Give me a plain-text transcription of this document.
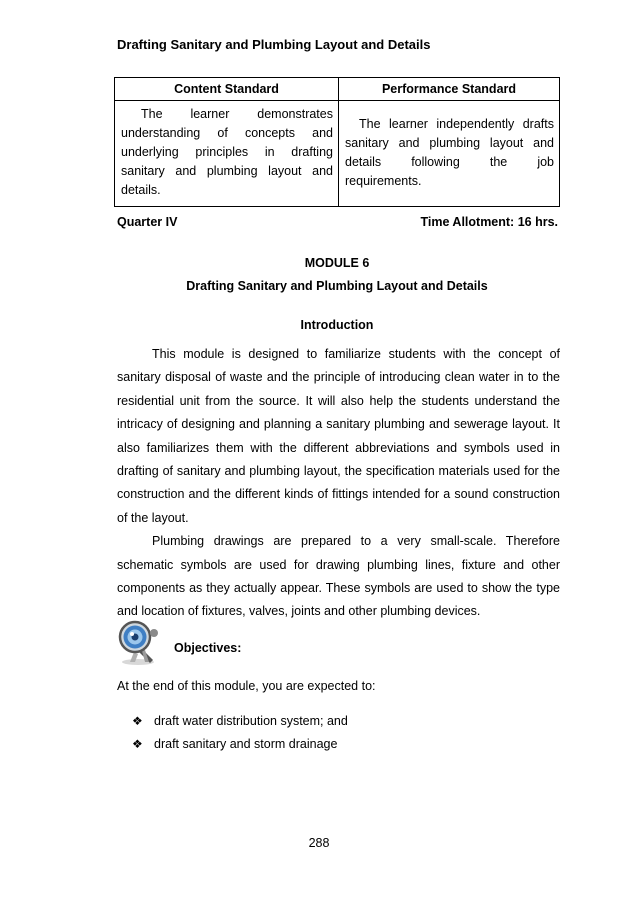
Drafting Sanitary and Plumbing Layout and Details
Content Standard	Performance Standard
The learner demonstrates understanding of concepts and underlying principles in drafting sanitary and plumbing layout and details.	The learner independently drafts sanitary and plumbing layout and details following the job requirements.
Quarter IV	Time Allotment: 16 hrs.
MODULE 6
Drafting Sanitary and Plumbing Layout and Details
Introduction

This module is designed to familiarize students with the concept of sanitary disposal of waste and the principle of introducing clean water in to the residential unit from the source. It will also help the students understand the intricacy of designing and planning a sanitary plumbing and sewerage layout. It also familiarizes them with the different abbreviations and symbols used in drafting of sanitary and plumbing layout, the specification materials used for the construction and the different kinds of fittings intended for a sound construction of the layout.

Plumbing drawings are prepared to a very small-scale. Therefore schematic symbols are used for drawing plumbing lines, fixture and other components as they actually appear. These symbols are used to show the type and location of fixtures, valves, joints and other plumbing devices.

Objectives:
At the end of this module, you are expected to:
❖ draft water distribution system; and
❖ draft sanitary and storm drainage
288
